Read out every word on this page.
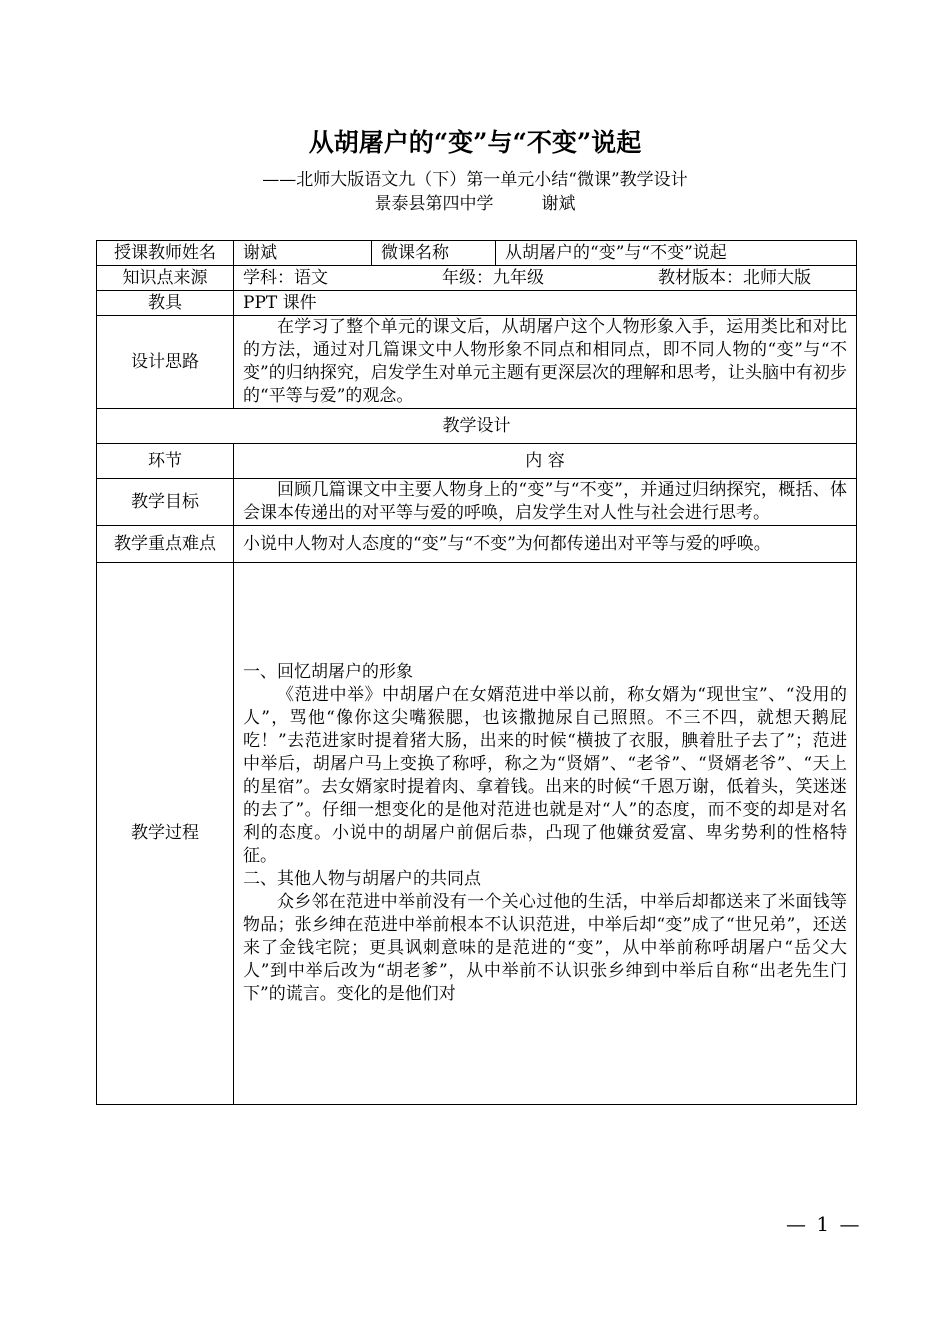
从胡屠户的“变”与“不变”说起
——北师大版语文九（下）第一单元小结“微课”教学设计
景泰县第四中学	谢斌
授课教师姓名	谢斌	微课名称	从胡屠户的“变”与“不变”说起
知识点来源	学科：语文 年级：九年级 教材版本：北师大版		

教具	PPT 课件		
设计思路	在学习了整个单元的课文后，从胡屠户这个人物形象入手，运用类比和对比的方法，通过对几篇课文中人物形象不同点和相同点，即不同人物的“变”与“不变”的归纳探究，启发学生对单元主题有更深层次的理解和思考，让头脑中有初步的“平等与爱”的观念。		

教学设计			
环节	内 容		
教学目标	回顾几篇课文中主要人物身上的“变”与“不变”，并通过归纳探究，概括、体会课本传递出的对平等与爱的呼唤，启发学生对人性与社会进行思考。		

教学重点难点	小说中人物对人态度的“变”与“不变”为何都传递出对平等与爱的呼唤。		
教学过程	一、回忆胡屠户的形象

《范进中举》中胡屠户在女婿范进中举以前，称女婿为“现世宝”、“没用的人”，骂他“像你这尖嘴猴腮，也该撒抛尿自己照照。不三不四，就想天鹅屁吃！”去范进家时提着猪大肠，出来的时候“横披了衣服，腆着肚子去了”；范进中举后，胡屠户马上变换了称呼，称之为“贤婿”、“老爷”、“贤婿老爷”、“天上的星宿”。去女婿家时提着肉、拿着钱。出来的时候“千恩万谢，低着头，笑迷迷的去了”。仔细一想变化的是他对范进也就是对“人”的态度，而不变的却是对名利的态度。小说中的胡屠户前倨后恭，凸现了他嫌贫爱富、卑劣势利的性格特征。

二、其他人物与胡屠户的共同点

众乡邻在范进中举前没有一个关心过他的生活，中举后却都送来了米面钱等物品；张乡绅在范进中举前根本不认识范进，中举后却“变”成了“世兄弟”，还送来了金钱宅院；更具讽刺意味的是范进的“变”，从中举前称呼胡屠户“岳父大人”到中举后改为“胡老爹”，从中举前不认识张乡绅到中举后自称“出老先生门下”的谎言。变化的是他们对		

— 1 —
